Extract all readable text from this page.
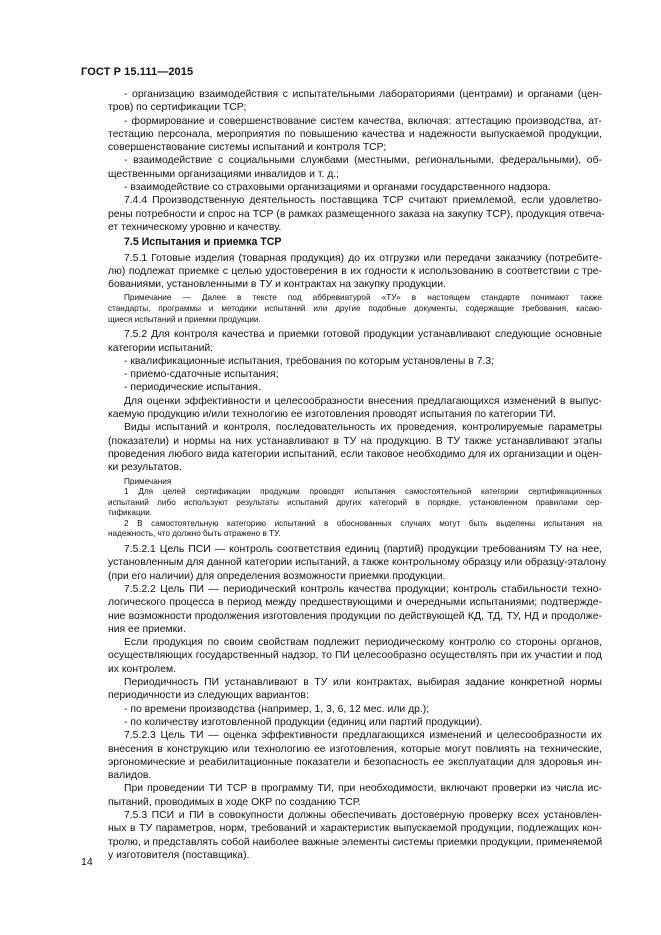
ГОСТ Р 15.111—2015
- организацию взаимодействия с испытательными лабораториями (центрами) и органами (цен-
тров) по сертификации ТСР;
- формирование и совершенствование систем качества, включая: аттестацию производства, ат-
тестацию персонала, мероприятия по повышению качества и надежности выпускаемой продукции,
совершенствование системы испытаний и контроля ТСР;
- взаимодействие с социальными службами (местными, региональными, федеральными), об-
щественными организациями инвалидов и т. д.;
- взаимодействие со страховыми организациями и органами государственного надзора.
7.4.4 Производственную деятельность поставщика ТСР считают приемлемой, если удовлетво-
рены потребности и спрос на ТСР (в рамках размещенного заказа на закупку ТСР), продукция отвеча-
ет техническому уровню и качеству.
7.5 Испытания и приемка ТСР
7.5.1 Готовые изделия (товарная продукция) до их отгрузки или передачи заказчику (потребите-
лю) подлежат приемке с целью удостоверения в их годности к использованию в соответствии с тре-
бованиями, установленными в ТУ и контрактах на закупку продукции.
Примечание — Далее в тексте под аббревиатурой «ТУ» в настоящем стандарте понимают также
стандарты, программы и методики испытаний или другие подобные документы, содержащие требования, касаю-
щиеся испытаний и приемки продукции.
7.5.2 Для контроля качества и приемки готовой продукции устанавливают следующие основные
категории испытаний:
- квалификационные испытания, требования по которым установлены в 7.3;
- приемо-сдаточные испытания;
- периодические испытания.
Для оценки эффективности и целесообразности внесения предлагающихся изменений в выпус-
каемую продукцию и/или технологию ее изготовления проводят испытания по категории ТИ.
Виды испытаний и контроля, последовательность их проведения, контролируемые параметры
(показатели) и нормы на них устанавливают в ТУ на продукцию. В ТУ также устанавливают этапы
проведения любого вида категории испытаний, если таковое необходимо для их организации и оцен-
ки результатов.
Примечания
1 Для целей сертификации продукции проводят испытания самостоятельной категории сертификационных
испытаний либо используют результаты испытаний других категорий в порядке, установленном правилами сер-
тификации.
2 В самостоятельную категорию испытаний в обоснованных случаях могут быть выделены испытания на
надежность, что должно быть отражено в ТУ.
7.5.2.1 Цель ПСИ — контроль соответствия единиц (партий) продукции требованиям ТУ на нее,
установленным для данной категории испытаний, а также контрольному образцу или образцу-эталону
(при его наличии) для определения возможности приемки продукции.
7.5.2.2 Цель ПИ — периодический контроль качества продукции; контроль стабильности техно-
логического процесса в период между предшествующими и очередными испытаниями; подтвержде-
ние возможности продолжения изготовления продукции по действующей КД, ТД, ТУ, НД и продолже-
ния ее приемки.
Если продукция по своим свойствам подлежит периодическому контролю со стороны органов,
осуществляющих государственный надзор, то ПИ целесообразно осуществлять при их участии и под
их контролем.
Периодичность ПИ устанавливают в ТУ или контрактах, выбирая задание конкретной нормы
периодичности из следующих вариантов:
- по времени производства (например, 1, 3, 6, 12 мес. или др.);
- по количеству изготовленной продукции (единиц или партий продукции).
7.5.2.3 Цель ТИ — оценка эффективности предлагающихся изменений и целесообразности их
внесения в конструкцию или технологию ее изготовления, которые могут повлиять на технические,
эргономические и реабилитационные показатели и безопасность ее эксплуатации для здоровья ин-
валидов.
При проведении ТИ ТСР в программу ТИ, при необходимости, включают проверки из числа ис-
пытаний, проводимых в ходе ОКР по созданию ТСР.
7.5.3 ПСИ и ПИ в совокупности должны обеспечивать достоверную проверку всех установлен-
ных в ТУ параметров, норм, требований и характеристик выпускаемой продукции, подлежащих кон-
тролю, и представлять собой наиболее важные элементы системы приемки продукции, применяемой
у изготовителя (поставщика).
14
